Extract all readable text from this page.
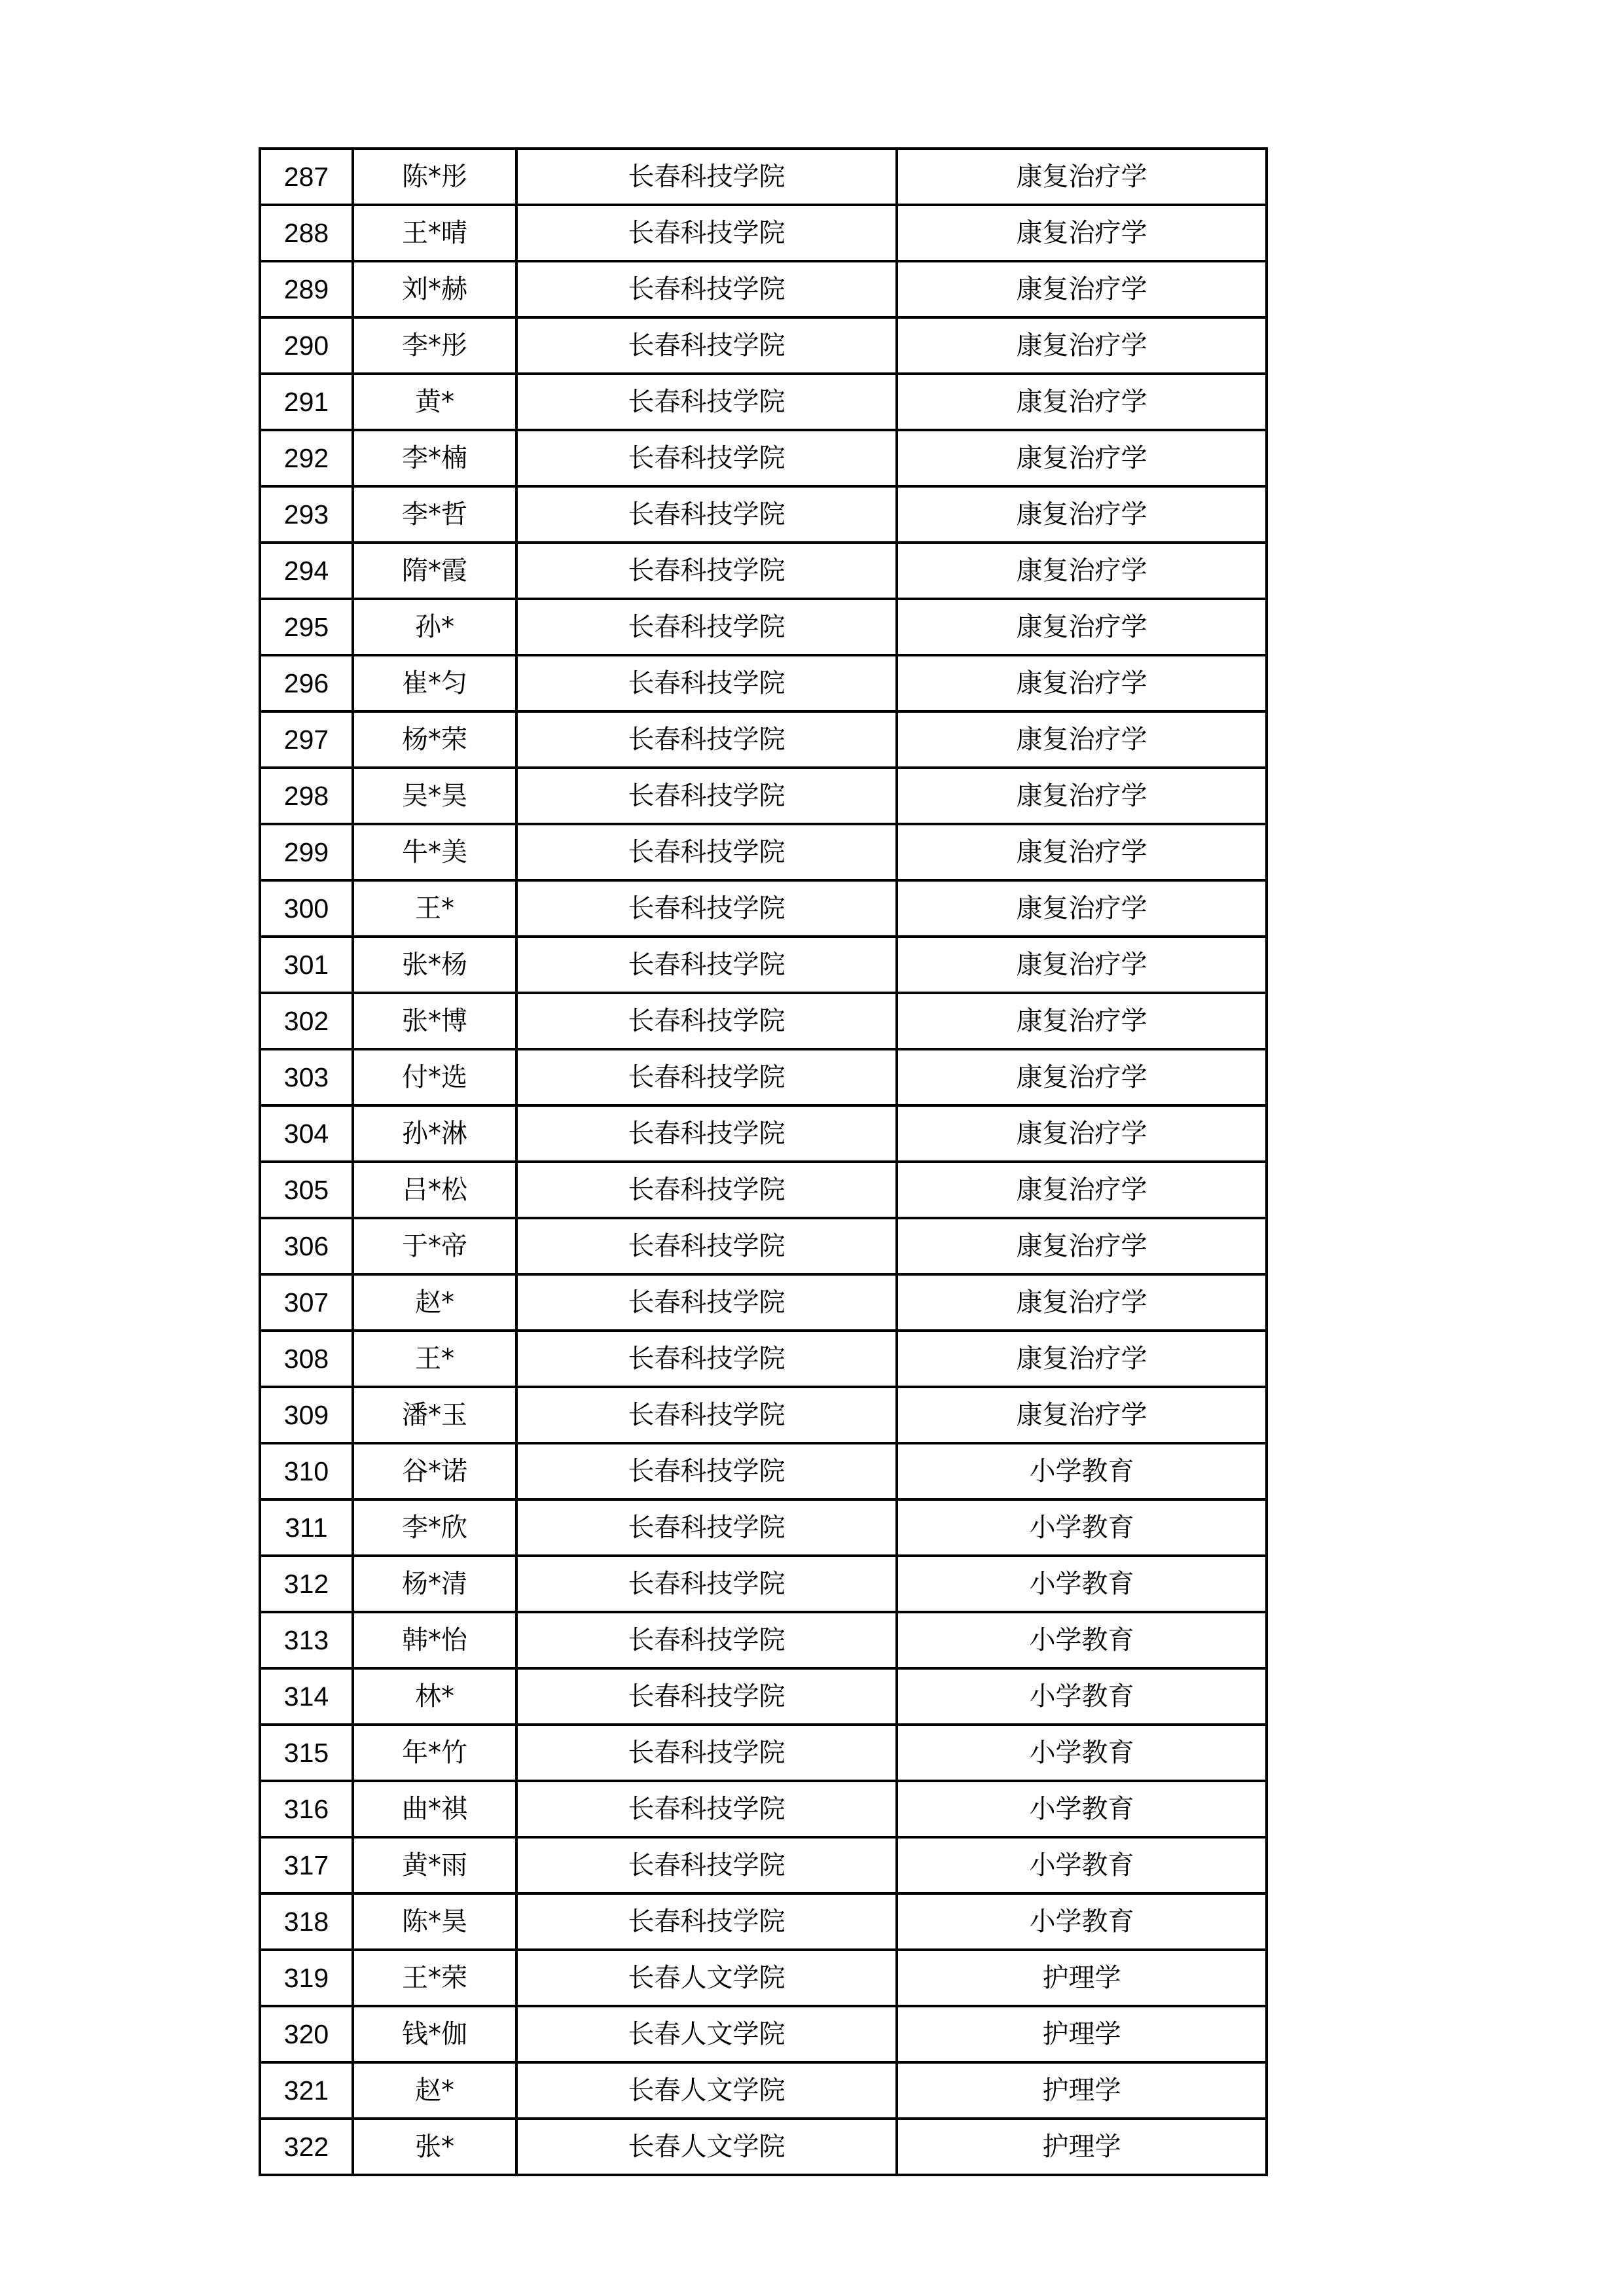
287	陈*彤	长春科技学院	康复治疗学
288	王*晴	长春科技学院	康复治疗学
289	刘*赫	长春科技学院	康复治疗学
290	李*彤	长春科技学院	康复治疗学
291	黄*	长春科技学院	康复治疗学
292	李*楠	长春科技学院	康复治疗学
293	李*哲	长春科技学院	康复治疗学
294	隋*霞	长春科技学院	康复治疗学
295	孙*	长春科技学院	康复治疗学
296	崔*匀	长春科技学院	康复治疗学
297	杨*荣	长春科技学院	康复治疗学
298	吴*昊	长春科技学院	康复治疗学
299	牛*美	长春科技学院	康复治疗学
300	王*	长春科技学院	康复治疗学
301	张*杨	长春科技学院	康复治疗学
302	张*博	长春科技学院	康复治疗学
303	付*选	长春科技学院	康复治疗学
304	孙*淋	长春科技学院	康复治疗学
305	吕*松	长春科技学院	康复治疗学
306	于*帝	长春科技学院	康复治疗学
307	赵*	长春科技学院	康复治疗学
308	王*	长春科技学院	康复治疗学
309	潘*玉	长春科技学院	康复治疗学
310	谷*诺	长春科技学院	小学教育
311	李*欣	长春科技学院	小学教育
312	杨*清	长春科技学院	小学教育
313	韩*怡	长春科技学院	小学教育
314	林*	长春科技学院	小学教育
315	年*竹	长春科技学院	小学教育
316	曲*祺	长春科技学院	小学教育
317	黄*雨	长春科技学院	小学教育
318	陈*昊	长春科技学院	小学教育
319	王*荣	长春人文学院	护理学
320	钱*伽	长春人文学院	护理学
321	赵*	长春人文学院	护理学
322	张*	长春人文学院	护理学
